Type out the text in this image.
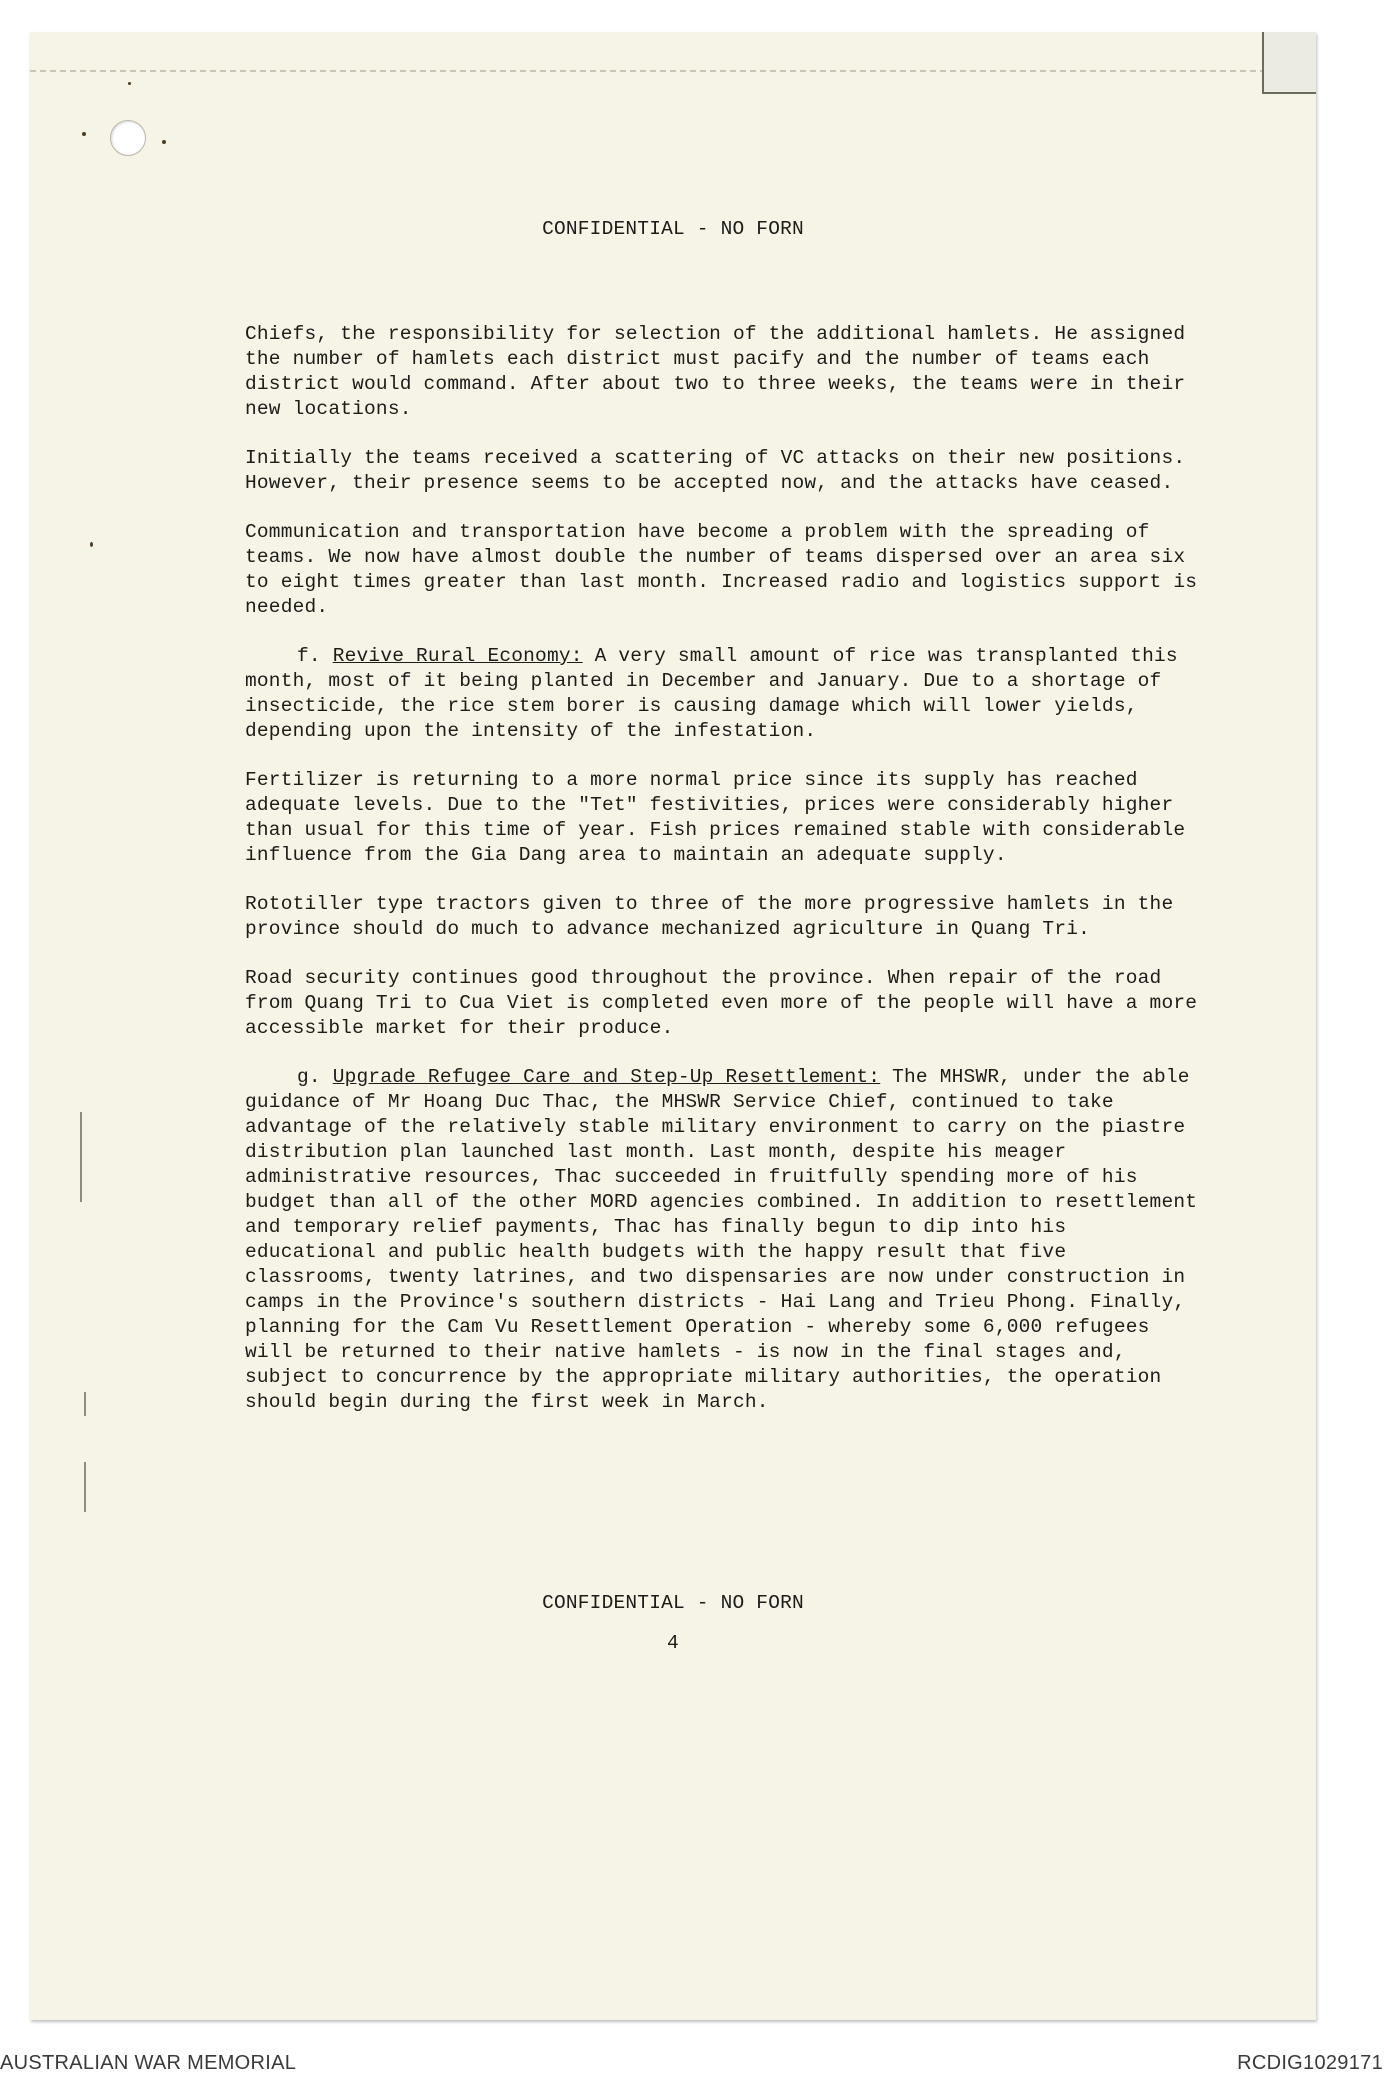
CONFIDENTIAL - NO FORN

Chiefs, the responsibility for selection of the additional hamlets. He assigned the number of hamlets each district must pacify and the number of teams each district would command. After about two to three weeks, the teams were in their new locations.

Initially the teams received a scattering of VC attacks on their new positions. However, their presence seems to be accepted now, and the attacks have ceased.

Communication and transportation have become a problem with the spreading of teams. We now have almost double the number of teams dispersed over an area six to eight times greater than last month. Increased radio and logistics support is needed.

f. Revive Rural Economy: A very small amount of rice was transplanted this month, most of it being planted in December and January. Due to a shortage of insecticide, the rice stem borer is causing damage which will lower yields, depending upon the intensity of the infestation.

Fertilizer is returning to a more normal price since its supply has reached adequate levels. Due to the "Tet" festivities, prices were considerably higher than usual for this time of year. Fish prices remained stable with considerable influence from the Gia Dang area to maintain an adequate supply.

Rototiller type tractors given to three of the more progressive hamlets in the province should do much to advance mechanized agriculture in Quang Tri.

Road security continues good throughout the province. When repair of the road from Quang Tri to Cua Viet is completed even more of the people will have a more accessible market for their produce.

g. Upgrade Refugee Care and Step-Up Resettlement: The MHSWR, under the able guidance of Mr Hoang Duc Thac, the MHSWR Service Chief, continued to take advantage of the relatively stable military environment to carry on the piastre distribution plan launched last month. Last month, despite his meager administrative resources, Thac succeeded in fruitfully spending more of his budget than all of the other MORD agencies combined. In addition to resettlement and temporary relief payments, Thac has finally begun to dip into his educational and public health budgets with the happy result that five classrooms, twenty latrines, and two dispensaries are now under construction in camps in the Province's southern districts - Hai Lang and Trieu Phong. Finally, planning for the Cam Vu Resettlement Operation - whereby some 6,000 refugees will be returned to their native hamlets - is now in the final stages and, subject to concurrence by the appropriate military authorities, the operation should begin during the first week in March.

CONFIDENTIAL - NO FORN
4
AUSTRALIAN WAR MEMORIAL	RCDIG1029171
